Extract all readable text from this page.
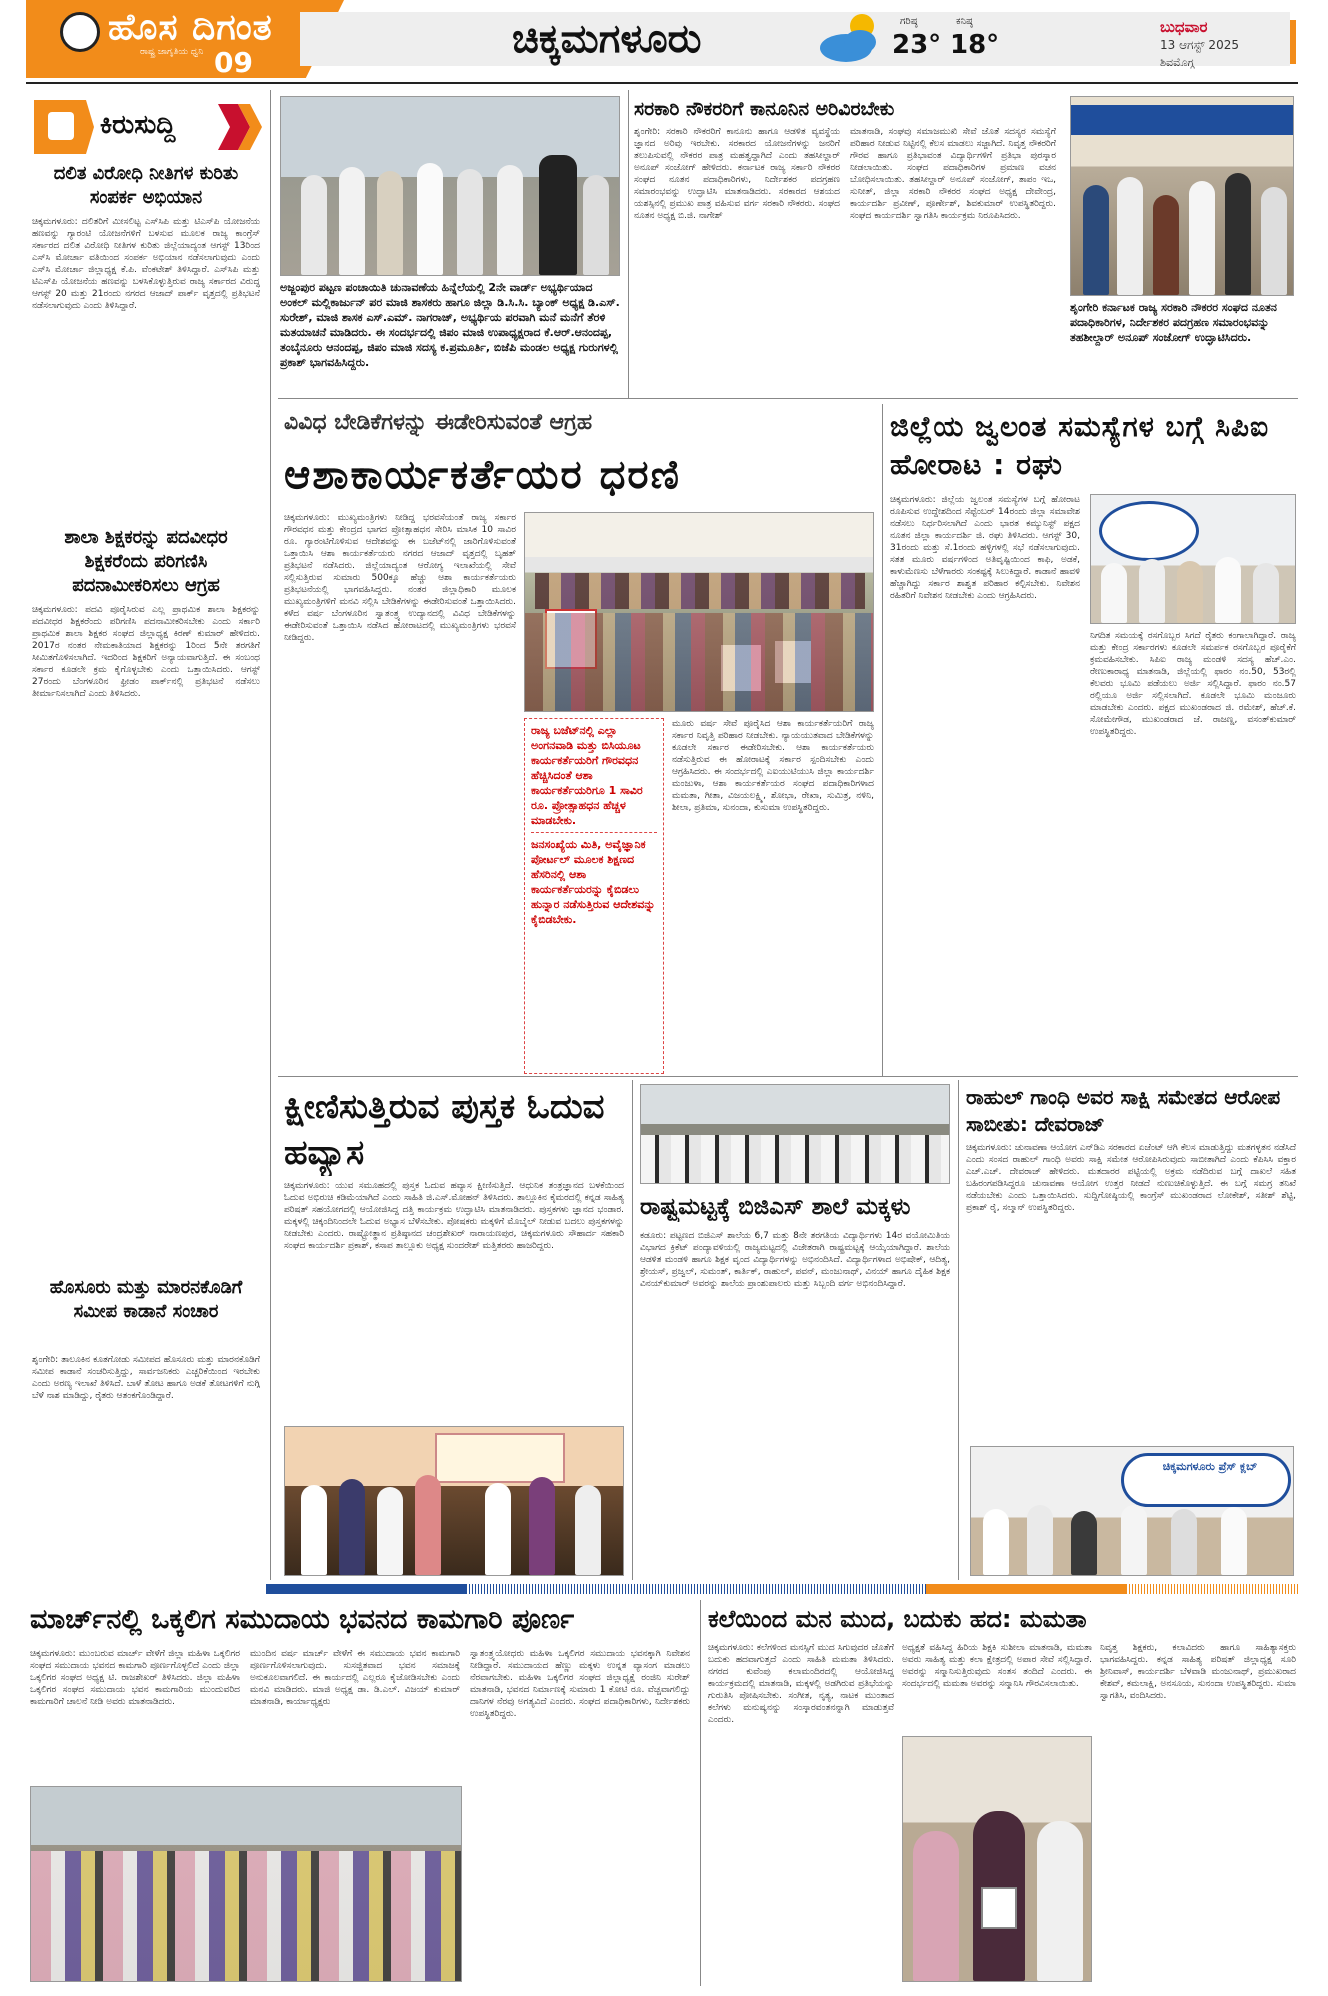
ಹೊಸ ದಿಗಂತ
ರಾಷ್ಟ್ರ ಜಾಗೃತಿಯ ಧ್ವನಿ 09
ಚಿಕ್ಕಮಗಳೂರು	ಗರಿಷ್ಠ
23°
ಕನಿಷ್ಠ
18°
ಬುಧವಾರ
13 ಆಗಸ್ಟ್ 2025
ಶಿವಮೊಗ್ಗ
ಕಿರುಸುದ್ದಿ
ದಲಿತ ವಿರೋಧಿ ನೀತಿಗಳ ಕುರಿತು ಸಂಪರ್ಕ ಅಭಿಯಾನ
ಚಿಕ್ಕಮಗಳೂರು: ದಲಿತರಿಗೆ ಮೀಸಲಿಟ್ಟ ಎಸ್‌ಸಿಪಿ ಮತ್ತು ಟಿಎಸ್‌ಪಿ ಯೋಜನೆಯ ಹಣವನ್ನು ಗ್ಯಾರಂಟಿ ಯೋಜನೆಗಳಿಗೆ ಬಳಸುವ ಮೂಲಕ ರಾಜ್ಯ ಕಾಂಗ್ರೆಸ್ ಸರ್ಕಾರದ ದಲಿತ ವಿರೋಧಿ ನೀತಿಗಳ ಕುರಿತು ಜಿಲ್ಲೆಯಾದ್ಯಂತ ಆಗಸ್ಟ್ 13ರಿಂದ ಎಸ್‌ಸಿ ಮೋರ್ಚಾ ವತಿಯಿಂದ ಸಂಪರ್ಕ ಅಭಿಯಾನ ನಡೆಸಲಾಗುವುದು ಎಂದು ಎಸ್‌ಸಿ ಮೋರ್ಚಾ ಜಿಲ್ಲಾಧ್ಯಕ್ಷ ಕೆ.ಪಿ. ವೆಂಕಟೇಶ್ ತಿಳಿಸಿದ್ದಾರೆ. ಎಸ್‌ಸಿಪಿ ಮತ್ತು ಟಿಎಸ್‌ಪಿ ಯೋಜನೆಯ ಹಣವನ್ನು ಬಳಸಿಕೊಳ್ಳುತ್ತಿರುವ ರಾಜ್ಯ ಸರ್ಕಾರದ ವಿರುದ್ಧ ಆಗಸ್ಟ್ 20 ಮತ್ತು 21ರಂದು ನಗರದ ಆಜಾದ್ ಪಾರ್ಕ್ ವೃತ್ತದಲ್ಲಿ ಪ್ರತಿಭಟನೆ ನಡೆಸಲಾಗುವುದು ಎಂದು ತಿಳಿಸಿದ್ದಾರೆ.
ಶಾಲಾ ಶಿಕ್ಷಕರನ್ನು ಪದವೀಧರ ಶಿಕ್ಷಕರೆಂದು ಪರಿಗಣಿಸಿ ಪದನಾಮೀಕರಿಸಲು ಆಗ್ರಹ
ಚಿಕ್ಕಮಗಳೂರು: ಪದವಿ ಪೂರೈಸಿರುವ ಎಲ್ಲ ಪ್ರಾಥಮಿಕ ಶಾಲಾ ಶಿಕ್ಷಕರನ್ನು ಪದವೀಧರ ಶಿಕ್ಷಕರೆಂದು ಪರಿಗಣಿಸಿ ಪದನಾಮೀಕರಿಸಬೇಕು ಎಂದು ಸರ್ಕಾರಿ ಪ್ರಾಥಮಿಕ ಶಾಲಾ ಶಿಕ್ಷಕರ ಸಂಘದ ಜಿಲ್ಲಾಧ್ಯಕ್ಷ ಕಿರಣ್ ಕುಮಾರ್ ಹೇಳಿದರು. 2017ರ ನಂತರ ನೇಮಕಾತಿಯಾದ ಶಿಕ್ಷಕರನ್ನು 1ರಿಂದ 5ನೇ ತರಗತಿಗೆ ಸೀಮಿತಗೊಳಿಸಲಾಗಿದೆ. ಇದರಿಂದ ಶಿಕ್ಷಕರಿಗೆ ಅನ್ಯಾಯವಾಗುತ್ತಿದೆ. ಈ ಸಂಬಂಧ ಸರ್ಕಾರ ಕೂಡಲೇ ಕ್ರಮ ಕೈಗೊಳ್ಳಬೇಕು ಎಂದು ಒತ್ತಾಯಿಸಿದರು. ಆಗಸ್ಟ್ 27ರಂದು ಬೆಂಗಳೂರಿನ ಫ್ರೀಡಂ ಪಾರ್ಕ್‌ನಲ್ಲಿ ಪ್ರತಿಭಟನೆ ನಡೆಸಲು ತೀರ್ಮಾನಿಸಲಾಗಿದೆ ಎಂದು ತಿಳಿಸಿದರು.
ಹೊಸೂರು ಮತ್ತು ಮಾರನಕೊಡಿಗೆ ಸಮೀಪ ಕಾಡಾನೆ ಸಂಚಾರ
ಶೃಂಗೇರಿ: ತಾಲೂಕಿನ ಕೂತಗೋಡು ಸಮೀಪದ ಹೊಸೂರು ಮತ್ತು ಮಾರನಕೊಡಿಗೆ ಸಮೀಪ ಕಾಡಾನೆ ಸಂಚರಿಸುತ್ತಿದ್ದು, ಸಾರ್ವಜನಿಕರು ಎಚ್ಚರಿಕೆಯಿಂದ ಇರಬೇಕು ಎಂದು ಅರಣ್ಯ ಇಲಾಖೆ ತಿಳಿಸಿದೆ. ಬಾಳೆ ತೋಟ ಹಾಗೂ ಅಡಕೆ ತೋಟಗಳಿಗೆ ನುಗ್ಗಿ ಬೆಳೆ ನಾಶ ಮಾಡಿದ್ದು, ರೈತರು ಆತಂಕಗೊಂಡಿದ್ದಾರೆ.
ಅಜ್ಜಂಪುರ ಪಟ್ಟಣ ಪಂಚಾಯಿತಿ ಚುನಾವಣೆಯ ಹಿನ್ನೆಲೆಯಲ್ಲಿ 2ನೇ ವಾರ್ಡ್ ಅಭ್ಯರ್ಥಿಯಾದ ಅಂಕಲ್ ಮಲ್ಲಿಕಾರ್ಜುನ್ ಪರ ಮಾಜಿ ಶಾಸಕರು ಹಾಗೂ ಜಿಲ್ಲಾ ಡಿ.ಸಿ.ಸಿ. ಬ್ಯಾಂಕ್ ಅಧ್ಯಕ್ಷ ಡಿ.ಎಸ್. ಸುರೇಶ್, ಮಾಜಿ ಶಾಸಕ ಎಸ್.ಎಮ್. ನಾಗರಾಜ್, ಅಭ್ಯರ್ಥಿಯ ಪರವಾಗಿ ಮನೆ ಮನೆಗೆ ತೆರಳಿ ಮತಯಾಚನೆ ಮಾಡಿದರು. ಈ ಸಂದರ್ಭದಲ್ಲಿ ಜಿಪಂ ಮಾಜಿ ಉಪಾಧ್ಯಕ್ಷರಾದ ಕೆ.ಆರ್.ಆನಂದಪ್ಪ, ತಂಬೈನೂರು ಆನಂದಪ್ಪ, ಜಿಪಂ ಮಾಜಿ ಸದಸ್ಯ ಕ.ಪ್ರಮೂರ್ತಿ, ಬಿಜೆಪಿ ಮಂಡಲ ಅಧ್ಯಕ್ಷ ಗುರುಗಳಲ್ಲಿ ಪ್ರಕಾಶ್ ಭಾಗವಹಿಸಿದ್ದರು.
ಸರಕಾರಿ ನೌಕರರಿಗೆ ಕಾನೂನಿನ ಅರಿವಿರಬೇಕು
ಶೃಂಗೇರಿ: ಸರಕಾರಿ ನೌಕರರಿಗೆ ಕಾನೂನು ಹಾಗೂ ಆಡಳಿತ ವ್ಯವಸ್ಥೆಯ ಜ್ಞಾನದ ಅರಿವು ಇರಬೇಕು. ಸರಕಾರದ ಯೋಜನೆಗಳನ್ನು ಜನರಿಗೆ ತಲುಪಿಸುವಲ್ಲಿ ನೌಕರರ ಪಾತ್ರ ಮಹತ್ವದ್ದಾಗಿದೆ ಎಂದು ತಹಸೀಲ್ದಾರ್ ಅನೂಪ್ ಸಂಜೋಗ್ ಹೇಳಿದರು. ಕರ್ನಾಟಕ ರಾಜ್ಯ ಸರ್ಕಾರಿ ನೌಕರರ ಸಂಘದ ನೂತನ ಪದಾಧಿಕಾರಿಗಳು, ನಿರ್ದೇಶಕರ ಪದಗ್ರಹಣ ಸಮಾರಂಭವನ್ನು ಉದ್ಘಾಟಿಸಿ ಮಾತನಾಡಿದರು. ಸರಕಾರದ ಆಶಯದ ಯಶಸ್ಸಿನಲ್ಲಿ ಪ್ರಮುಖ ಪಾತ್ರ ವಹಿಸುವ ವರ್ಗ ಸರಕಾರಿ ನೌಕರರು. ಸಂಘದ ನೂತನ ಅಧ್ಯಕ್ಷ ಬಿ.ಜಿ. ನಾಗೇಶ್
ಮಾತನಾಡಿ, ಸಂಘವು ಸಮಾಜಮುಖಿ ಸೇವೆ ಜೊತೆ ಸದಸ್ಯರ ಸಮಸ್ಯೆಗೆ ಪರಿಹಾರ ನೀಡುವ ನಿಟ್ಟಿನಲ್ಲಿ ಕೆಲಸ ಮಾಡಲು ಸಜ್ಜಾಗಿದೆ. ನಿವೃತ್ತ ನೌಕರರಿಗೆ ಗೌರವ ಹಾಗೂ ಪ್ರತಿಭಾವಂತ ವಿದ್ಯಾರ್ಥಿಗಳಿಗೆ ಪ್ರತಿಭಾ ಪುರಸ್ಕಾರ ನೀಡಲಾಯಿತು. ಸಂಘದ ಪದಾಧಿಕಾರಿಗಳ ಪ್ರಮಾಣ ವಚನ ಬೋಧಿಸಲಾಯಿತು. ತಹಸೀಲ್ದಾರ್ ಅನೂಪ್ ಸಂಜೋಗ್, ತಾಪಂ ಇಒ, ಸುನೀತ್, ಜಿಲ್ಲಾ ಸರಕಾರಿ ನೌಕರರ ಸಂಘದ ಅಧ್ಯಕ್ಷ ದೇವೇಂದ್ರ, ಕಾರ್ಯದರ್ಶಿ ಪ್ರವೀಣ್, ಪೂರ್ಣೇಶ್, ಶಿವಕುಮಾರ್ ಉಪಸ್ಥಿತರಿದ್ದರು. ಸಂಘದ ಕಾರ್ಯದರ್ಶಿ ಸ್ವಾಗತಿಸಿ ಕಾರ್ಯಕ್ರಮ ನಿರೂಪಿಸಿದರು.
ಶೃಂಗೇರಿ ಕರ್ನಾಟಕ ರಾಜ್ಯ ಸರಕಾರಿ ನೌಕರರ ಸಂಘದ ನೂತನ ಪದಾಧಿಕಾರಿಗಳ, ನಿರ್ದೇಶಕರ ಪದಗ್ರಹಣ ಸಮಾರಂಭವನ್ನು ತಹಶೀಲ್ದಾರ್ ಅನೂಪ್ ಸಂಜೋಗ್ ಉದ್ಘಾಟಿಸಿದರು.
ವಿವಿಧ ಬೇಡಿಕೆಗಳನ್ನು ಈಡೇರಿಸುವಂತೆ ಆಗ್ರಹ
ಆಶಾಕಾರ್ಯಕರ್ತೆಯರ ಧರಣಿ
ಚಿಕ್ಕಮಗಳೂರು: ಮುಖ್ಯಮಂತ್ರಿಗಳು ನೀಡಿದ್ದ ಭರವಸೆಯಂತೆ ರಾಜ್ಯ ಸರ್ಕಾರ ಗೌರವಧನ ಮತ್ತು ಕೇಂದ್ರದ ಭಾಗದ ಪ್ರೋತ್ಸಾಹಧನ ಸೇರಿಸಿ ಮಾಸಿಕ 10 ಸಾವಿರ ರೂ. ಗ್ಯಾರಂಟಿಗೊಳಿಸುವ ಆದೇಶವನ್ನು ಈ ಬಜೆಟ್‌ನಲ್ಲಿ ಜಾರಿಗೊಳಿಸುವಂತೆ ಒತ್ತಾಯಿಸಿ ಆಶಾ ಕಾರ್ಯಕರ್ತೆಯರು ನಗರದ ಆಜಾದ್ ವೃತ್ತದಲ್ಲಿ ಬೃಹತ್ ಪ್ರತಿಭಟನೆ ನಡೆಸಿದರು. ಜಿಲ್ಲೆಯಾದ್ಯಂತ ಆರೋಗ್ಯ ಇಲಾಖೆಯಲ್ಲಿ ಸೇವೆ ಸಲ್ಲಿಸುತ್ತಿರುವ ಸುಮಾರು 500ಕ್ಕೂ ಹೆಚ್ಚು ಆಶಾ ಕಾರ್ಯಕರ್ತೆಯರು ಪ್ರತಿಭಟನೆಯಲ್ಲಿ ಭಾಗವಹಿಸಿದ್ದರು. ನಂತರ ಜಿಲ್ಲಾಧಿಕಾರಿ ಮೂಲಕ ಮುಖ್ಯಮಂತ್ರಿಗಳಿಗೆ ಮನವಿ ಸಲ್ಲಿಸಿ ಬೇಡಿಕೆಗಳನ್ನು ಈಡೇರಿಸುವಂತೆ ಒತ್ತಾಯಿಸಿದರು. ಕಳೆದ ವರ್ಷ ಬೆಂಗಳೂರಿನ ಸ್ವಾತಂತ್ರ್ಯ ಉದ್ಯಾನದಲ್ಲಿ ವಿವಿಧ ಬೇಡಿಕೆಗಳನ್ನು ಈಡೇರಿಸುವಂತೆ ಒತ್ತಾಯಿಸಿ ನಡೆಸಿದ ಹೋರಾಟದಲ್ಲಿ ಮುಖ್ಯಮಂತ್ರಿಗಳು ಭರವಸೆ ನೀಡಿದ್ದರು.

ರಾಜ್ಯ ಬಜೆಟ್‌ನಲ್ಲಿ ಎಲ್ಲಾ ಅಂಗನವಾಡಿ ಮತ್ತು ಬಿಸಿಯೂಟ ಕಾರ್ಯಕರ್ತೆಯರಿಗೆ ಗೌರವಧನ ಹೆಚ್ಚಿಸಿದಂತೆ ಆಶಾ ಕಾರ್ಯಕರ್ತೆಯರಿಗೂ 1 ಸಾವಿರ ರೂ. ಪ್ರೋತ್ಸಾಹಧನ ಹೆಚ್ಚಳ ಮಾಡಬೇಕು.

ಜನಸಂಖ್ಯೆಯ ಮಿತಿ, ಅವೈಜ್ಞಾನಿಕ ಪೋರ್ಟಲ್ ಮೂಲಕ ಶಿಕ್ಷಣದ ಹೆಸರಿನಲ್ಲಿ ಆಶಾ ಕಾರ್ಯಕರ್ತೆಯರನ್ನು ಕೈಬಿಡಲು ಹುನ್ನಾರ ನಡೆಸುತ್ತಿರುವ ಆದೇಶವನ್ನು ಕೈಬಿಡಬೇಕು.

ಮೂರು ವರ್ಷ ಸೇವೆ ಪೂರೈಸಿದ ಆಶಾ ಕಾರ್ಯಕರ್ತೆಯರಿಗೆ ರಾಜ್ಯ ಸರ್ಕಾರ ನಿವೃತ್ತಿ ಪರಿಹಾರ ನೀಡಬೇಕು. ನ್ಯಾಯಯುತವಾದ ಬೇಡಿಕೆಗಳನ್ನು ಕೂಡಲೇ ಸರ್ಕಾರ ಈಡೇರಿಸಬೇಕು. ಆಶಾ ಕಾರ್ಯಕರ್ತೆಯರು ನಡೆಸುತ್ತಿರುವ ಈ ಹೋರಾಟಕ್ಕೆ ಸರ್ಕಾರ ಸ್ಪಂದಿಸಬೇಕು ಎಂದು ಆಗ್ರಹಿಸಿದರು. ಈ ಸಂದರ್ಭದಲ್ಲಿ ಎಐಯುಟಿಯುಸಿ ಜಿಲ್ಲಾ ಕಾರ್ಯದರ್ಶಿ ಮಂಜುಳಾ, ಆಶಾ ಕಾರ್ಯಕರ್ತೆಯರ ಸಂಘದ ಪದಾಧಿಕಾರಿಗಳಾದ ಮಮತಾ, ಗೀತಾ, ವಿಜಯಲಕ್ಷ್ಮಿ, ಶೋಭಾ, ರೇಖಾ, ಸುಮಿತ್ರ, ನಳಿನಿ, ಶೀಲಾ, ಪ್ರತಿಮಾ, ಸುನಂದಾ, ಕುಸುಮಾ ಉಪಸ್ಥಿತರಿದ್ದರು.
ಜಿಲ್ಲೆಯ ಜ್ವಲಂತ ಸಮಸ್ಯೆಗಳ ಬಗ್ಗೆ ಸಿಪಿಐ ಹೋರಾಟ : ರಘು
ಚಿಕ್ಕಮಗಳೂರು: ಜಿಲ್ಲೆಯ ಜ್ವಲಂತ ಸಮಸ್ಯೆಗಳ ಬಗ್ಗೆ ಹೋರಾಟ ರೂಪಿಸುವ ಉದ್ದೇಶದಿಂದ ಸೆಪ್ಟೆಂಬರ್ 14ರಂದು ಜಿಲ್ಲಾ ಸಮಾವೇಶ ನಡೆಸಲು ನಿರ್ಧರಿಸಲಾಗಿದೆ ಎಂದು ಭಾರತ ಕಮ್ಯುನಿಸ್ಟ್ ಪಕ್ಷದ ನೂತನ ಜಿಲ್ಲಾ ಕಾರ್ಯದರ್ಶಿ ಜಿ. ರಘು ತಿಳಿಸಿದರು. ಆಗಸ್ಟ್ 30, 31ರಂದು ಮತ್ತು ಸೆ.1ರಂದು ಹಳ್ಳಿಗಳಲ್ಲಿ ಸಭೆ ನಡೆಸಲಾಗುವುದು. ಸತತ ಮೂರು ವರ್ಷಗಳಿಂದ ಅತಿವೃಷ್ಟಿಯಿಂದ ಕಾಫಿ, ಅಡಕೆ, ಕಾಳುಮೆಣಸು ಬೆಳೆಗಾರರು ಸಂಕಷ್ಟಕ್ಕೆ ಸಿಲುಕಿದ್ದಾರೆ. ಕಾಡಾನೆ ಹಾವಳಿ ಹೆಚ್ಚಾಗಿದ್ದು ಸರ್ಕಾರ ಶಾಶ್ವತ ಪರಿಹಾರ ಕಲ್ಪಿಸಬೇಕು. ನಿವೇಶನ ರಹಿತರಿಗೆ ನಿವೇಶನ ನೀಡಬೇಕು ಎಂದು ಆಗ್ರಹಿಸಿದರು.
ನಿಗದಿತ ಸಮಯಕ್ಕೆ ರಸಗೊಬ್ಬರ ಸಿಗದೆ ರೈತರು ಕಂಗಾಲಾಗಿದ್ದಾರೆ. ರಾಜ್ಯ ಮತ್ತು ಕೇಂದ್ರ ಸರ್ಕಾರಗಳು ಕೂಡಲೇ ಸಮರ್ಪಕ ರಸಗೊಬ್ಬರ ಪೂರೈಕೆಗೆ ಕ್ರಮವಹಿಸಬೇಕು. ಸಿಪಿಐ ರಾಜ್ಯ ಮಂಡಳಿ ಸದಸ್ಯ ಹೆಚ್.ಎಂ. ರೇಣುಕಾರಾಧ್ಯ ಮಾತನಾಡಿ, ಜಿಲ್ಲೆಯಲ್ಲಿ ಫಾರಂ ನಂ.50, 53ರಲ್ಲಿ ಕೆಲವರು ಭೂಮಿ ಪಡೆಯಲು ಅರ್ಜಿ ಸಲ್ಲಿಸಿದ್ದಾರೆ. ಫಾರಂ ನಂ.57 ರಲ್ಲಿಯೂ ಅರ್ಜಿ ಸಲ್ಲಿಸಲಾಗಿದೆ. ಕೂಡಲೇ ಭೂಮಿ ಮಂಜೂರು ಮಾಡಬೇಕು ಎಂದರು. ಪಕ್ಷದ ಮುಖಂಡರಾದ ಜಿ. ರಮೇಶ್, ಹೆಚ್.ಕೆ. ಸೋಮೇಗೌಡ, ಮುಖಂಡರಾದ ಜೆ. ರಾಜಣ್ಣ, ವಸಂತ್‌ಕುಮಾರ್ ಉಪಸ್ಥಿತರಿದ್ದರು.
ಕ್ಷೀಣಿಸುತ್ತಿರುವ ಪುಸ್ತಕ ಓದುವ ಹವ್ಯಾಸ
ಚಿಕ್ಕಮಗಳೂರು: ಯುವ ಸಮೂಹದಲ್ಲಿ ಪುಸ್ತಕ ಓದುವ ಹವ್ಯಾಸ ಕ್ಷೀಣಿಸುತ್ತಿದೆ. ಆಧುನಿಕ ತಂತ್ರಜ್ಞಾನದ ಬಳಕೆಯಿಂದ ಓದುವ ಅಭಿರುಚಿ ಕಡಿಮೆಯಾಗಿದೆ ಎಂದು ಸಾಹಿತಿ ಜಿ.ಎಸ್.ಮೋಹನ್ ತಿಳಿಸಿದರು. ತಾಲ್ಲೂಕಿನ ಕೈಮರದಲ್ಲಿ ಕನ್ನಡ ಸಾಹಿತ್ಯ ಪರಿಷತ್ ಸಹಯೋಗದಲ್ಲಿ ಆಯೋಜಿಸಿದ್ದ ದತ್ತಿ ಕಾರ್ಯಕ್ರಮ ಉದ್ಘಾಟಿಸಿ ಮಾತನಾಡಿದರು. ಪುಸ್ತಕಗಳು ಜ್ಞಾನದ ಭಂಡಾರ. ಮಕ್ಕಳಲ್ಲಿ ಚಿಕ್ಕಂದಿನಿಂದಲೇ ಓದುವ ಅಭ್ಯಾಸ ಬೆಳೆಸಬೇಕು. ಪೋಷಕರು ಮಕ್ಕಳಿಗೆ ಮೊಬೈಲ್ ನೀಡುವ ಬದಲು ಪುಸ್ತಕಗಳನ್ನು ನೀಡಬೇಕು ಎಂದರು. ರಾಷ್ಟ್ರೋತ್ಥಾನ ಪ್ರತಿಷ್ಠಾನದ ಚಂದ್ರಶೇಖರ್ ನಾರಾಯಣಪುರ, ಚಿಕ್ಕಮಗಳೂರು ಸೌಹಾರ್ದ ಸಹಕಾರಿ ಸಂಘದ ಕಾರ್ಯದರ್ಶಿ ಪ್ರಕಾಶ್, ಕಸಾಪ ತಾಲ್ಲೂಕು ಅಧ್ಯಕ್ಷ ಸುಂದರೇಶ್ ಮತ್ತಿತರರು ಹಾಜರಿದ್ದರು.
ರಾಷ್ಟ್ರಮಟ್ಟಕ್ಕೆ ಬಿಜಿಎಸ್ ಶಾಲೆ ಮಕ್ಕಳು
ಕಡೂರು: ಪಟ್ಟಣದ ಬಿಜಿಎಸ್ ಶಾಲೆಯ 6,7 ಮತ್ತು 8ನೇ ತರಗತಿಯ ವಿದ್ಯಾರ್ಥಿಗಳು 14ರ ವಯೋಮಿತಿಯ ವಿಭಾಗದ ಕ್ರಿಕೆಟ್ ಪಂದ್ಯಾವಳಿಯಲ್ಲಿ ರಾಜ್ಯಮಟ್ಟದಲ್ಲಿ ವಿಜೇತರಾಗಿ ರಾಷ್ಟ್ರಮಟ್ಟಕ್ಕೆ ಆಯ್ಕೆಯಾಗಿದ್ದಾರೆ. ಶಾಲೆಯ ಆಡಳಿತ ಮಂಡಳಿ ಹಾಗೂ ಶಿಕ್ಷಕ ವೃಂದ ವಿದ್ಯಾರ್ಥಿಗಳನ್ನು ಅಭಿನಂದಿಸಿದೆ. ವಿದ್ಯಾರ್ಥಿಗಳಾದ ಅಭಿಷೇಕ್, ಆದಿತ್ಯ, ಶ್ರೇಯಸ್, ಪ್ರಜ್ವಲ್, ಸುಮಂತ್, ಕಾರ್ತಿಕ್, ರಾಹುಲ್, ಪವನ್, ಮಂಜುನಾಥ್, ವಿನಯ್ ಹಾಗೂ ದೈಹಿಕ ಶಿಕ್ಷಕ ವಿನಯ್‌ಕುಮಾರ್ ಅವರನ್ನು ಶಾಲೆಯ ಪ್ರಾಂಶುಪಾಲರು ಮತ್ತು ಸಿಬ್ಬಂದಿ ವರ್ಗ ಅಭಿನಂದಿಸಿದ್ದಾರೆ.
ರಾಹುಲ್ ಗಾಂಧಿ ಅವರ ಸಾಕ್ಷಿ ಸಮೇತದ ಆರೋಪ ಸಾಬೀತು: ದೇವರಾಜ್
ಚಿಕ್ಕಮಗಳೂರು: ಚುನಾವಣಾ ಆಯೋಗ ಎನ್‌ಡಿಎ ಸರಕಾರದ ಏಜೆಂಟ್ ಆಗಿ ಕೆಲಸ ಮಾಡುತ್ತಿದ್ದು ಮತಗಳ್ಳತನ ನಡೆಸಿದೆ ಎಂದು ಸಂಸದ ರಾಹುಲ್ ಗಾಂಧಿ ಅವರು ಸಾಕ್ಷಿ ಸಮೇತ ಆರೋಪಿಸಿರುವುದು ಸಾಬೀತಾಗಿದೆ ಎಂದು ಕೆಪಿಸಿಸಿ ವಕ್ತಾರ ಎಚ್.ಎಚ್. ದೇವರಾಜ್ ಹೇಳಿದರು. ಮತದಾರರ ಪಟ್ಟಿಯಲ್ಲಿ ಅಕ್ರಮ ನಡೆದಿರುವ ಬಗ್ಗೆ ದಾಖಲೆ ಸಹಿತ ಬಹಿರಂಗಪಡಿಸಿದ್ದರೂ ಚುನಾವಣಾ ಆಯೋಗ ಉತ್ತರ ನೀಡದೆ ನುಣುಚಿಕೊಳ್ಳುತ್ತಿದೆ. ಈ ಬಗ್ಗೆ ಸಮಗ್ರ ತನಿಖೆ ನಡೆಯಬೇಕು ಎಂದು ಒತ್ತಾಯಿಸಿದರು. ಸುದ್ದಿಗೋಷ್ಠಿಯಲ್ಲಿ ಕಾಂಗ್ರೆಸ್ ಮುಖಂಡರಾದ ಲೋಕೇಶ್, ಸತೀಶ್ ಶೆಟ್ಟಿ, ಪ್ರಕಾಶ್ ರೈ, ಸಲ್ಮಾನ್ ಉಪಸ್ಥಿತರಿದ್ದರು.
ಚಿಕ್ಕಮಗಳೂರು ಪ್ರೆಸ್ ಕ್ಲಬ್
ಮಾರ್ಚ್‌ನಲ್ಲಿ ಒಕ್ಕಲಿಗ ಸಮುದಾಯ ಭವನದ ಕಾಮಗಾರಿ ಪೂರ್ಣ
ಚಿಕ್ಕಮಗಳೂರು: ಮುಂಬರುವ ಮಾರ್ಚ್ ವೇಳೆಗೆ ಜಿಲ್ಲಾ ಮಹಿಳಾ ಒಕ್ಕಲಿಗರ ಸಂಘದ ಸಮುದಾಯ ಭವನದ ಕಾಮಗಾರಿ ಪೂರ್ಣಗೊಳ್ಳಲಿದೆ ಎಂದು ಜಿಲ್ಲಾ ಒಕ್ಕಲಿಗರ ಸಂಘದ ಅಧ್ಯಕ್ಷ ಟಿ. ರಾಜಶೇಖರ್ ತಿಳಿಸಿದರು. ಜಿಲ್ಲಾ ಮಹಿಳಾ ಒಕ್ಕಲಿಗರ ಸಂಘದ ಸಮುದಾಯ ಭವನ ಕಾಮಗಾರಿಯ ಮುಂದುವರಿದ ಕಾಮಗಾರಿಗೆ ಚಾಲನೆ ನೀಡಿ ಅವರು ಮಾತನಾಡಿದರು.
ಮುಂದಿನ ವರ್ಷ ಮಾರ್ಚ್ ವೇಳೆಗೆ ಈ ಸಮುದಾಯ ಭವನ ಕಾಮಗಾರಿ ಪೂರ್ಣಗೊಳಿಸಲಾಗುವುದು. ಸುಸಜ್ಜಿತವಾದ ಭವನ ಸಮಾಜಕ್ಕೆ ಅನುಕೂಲವಾಗಲಿದೆ. ಈ ಕಾರ್ಯದಲ್ಲಿ ಎಲ್ಲರೂ ಕೈಜೋಡಿಸಬೇಕು ಎಂದು ಮನವಿ ಮಾಡಿದರು. ಮಾಜಿ ಅಧ್ಯಕ್ಷ ಡಾ. ಡಿ.ಎಲ್. ವಿಜಯ್ ಕುಮಾರ್ ಮಾತನಾಡಿ, ಕಾರ್ಯಾಧ್ಯಕ್ಷರು
ಸ್ವಾತಂತ್ರ್ಯಯೋಧರು ಮಹಿಳಾ ಒಕ್ಕಲಿಗರ ಸಮುದಾಯ ಭವನಕ್ಕಾಗಿ ನಿವೇಶನ ನೀಡಿದ್ದಾರೆ. ಸಮುದಾಯದ ಹೆಣ್ಣು ಮಕ್ಕಳು ಉನ್ನತ ವ್ಯಾಸಂಗ ಮಾಡಲು ನೆರವಾಗಬೇಕು. ಮಹಿಳಾ ಒಕ್ಕಲಿಗರ ಸಂಘದ ಜಿಲ್ಲಾಧ್ಯಕ್ಷೆ ರಂಜಿನಿ ಸುರೇಶ್ ಮಾತನಾಡಿ, ಭವನದ ನಿರ್ಮಾಣಕ್ಕೆ ಸುಮಾರು 1 ಕೋಟಿ ರೂ. ವೆಚ್ಚವಾಗಲಿದ್ದು ದಾನಿಗಳ ನೆರವು ಅಗತ್ಯವಿದೆ ಎಂದರು. ಸಂಘದ ಪದಾಧಿಕಾರಿಗಳು, ನಿರ್ದೇಶಕರು ಉಪಸ್ಥಿತರಿದ್ದರು.
ಕಲೆಯಿಂದ ಮನ ಮುದ, ಬದುಕು ಹದ: ಮಮತಾ
ಚಿಕ್ಕಮಗಳೂರು: ಕಲೆಗಳಿಂದ ಮನಸ್ಸಿಗೆ ಮುದ ಸಿಗುವುದರ ಜೊತೆಗೆ ಬದುಕು ಹದವಾಗುತ್ತದೆ ಎಂದು ಸಾಹಿತಿ ಮಮತಾ ತಿಳಿಸಿದರು. ನಗರದ ಕುವೆಂಪು ಕಲಾಮಂದಿರದಲ್ಲಿ ಆಯೋಜಿಸಿದ್ದ ಕಾರ್ಯಕ್ರಮದಲ್ಲಿ ಮಾತನಾಡಿ, ಮಕ್ಕಳಲ್ಲಿ ಅಡಗಿರುವ ಪ್ರತಿಭೆಯನ್ನು ಗುರುತಿಸಿ ಪೋಷಿಸಬೇಕು. ಸಂಗೀತ, ನೃತ್ಯ, ನಾಟಕ ಮುಂತಾದ ಕಲೆಗಳು ಮನುಷ್ಯನನ್ನು ಸಂಸ್ಕಾರವಂತನನ್ನಾಗಿ ಮಾಡುತ್ತವೆ ಎಂದರು.
ಅಧ್ಯಕ್ಷತೆ ವಹಿಸಿದ್ದ ಹಿರಿಯ ಶಿಕ್ಷಕಿ ಸುಶೀಲಾ ಮಾತನಾಡಿ, ಮಮತಾ ಅವರು ಸಾಹಿತ್ಯ ಮತ್ತು ಕಲಾ ಕ್ಷೇತ್ರದಲ್ಲಿ ಅಪಾರ ಸೇವೆ ಸಲ್ಲಿಸಿದ್ದಾರೆ. ಅವರನ್ನು ಸನ್ಮಾನಿಸುತ್ತಿರುವುದು ಸಂತಸ ತಂದಿದೆ ಎಂದರು. ಈ ಸಂದರ್ಭದಲ್ಲಿ ಮಮತಾ ಅವರನ್ನು ಸನ್ಮಾನಿಸಿ ಗೌರವಿಸಲಾಯಿತು.
ನಿವೃತ್ತ ಶಿಕ್ಷಕರು, ಕಲಾವಿದರು ಹಾಗೂ ಸಾಹಿತ್ಯಾಸಕ್ತರು ಭಾಗವಹಿಸಿದ್ದರು. ಕನ್ನಡ ಸಾಹಿತ್ಯ ಪರಿಷತ್ ಜಿಲ್ಲಾಧ್ಯಕ್ಷ ಸೂರಿ ಶ್ರೀನಿವಾಸ್, ಕಾರ್ಯದರ್ಶಿ ಬೆಳವಾಡಿ ಮಂಜುನಾಥ್, ಪ್ರಮುಖರಾದ ಕೇಶವ್, ಕಮಲಾಕ್ಷಿ, ಅನಸೂಯ, ಸುನಂದಾ ಉಪಸ್ಥಿತರಿದ್ದರು. ಸುಮಾ ಸ್ವಾಗತಿಸಿ, ವಂದಿಸಿದರು.
